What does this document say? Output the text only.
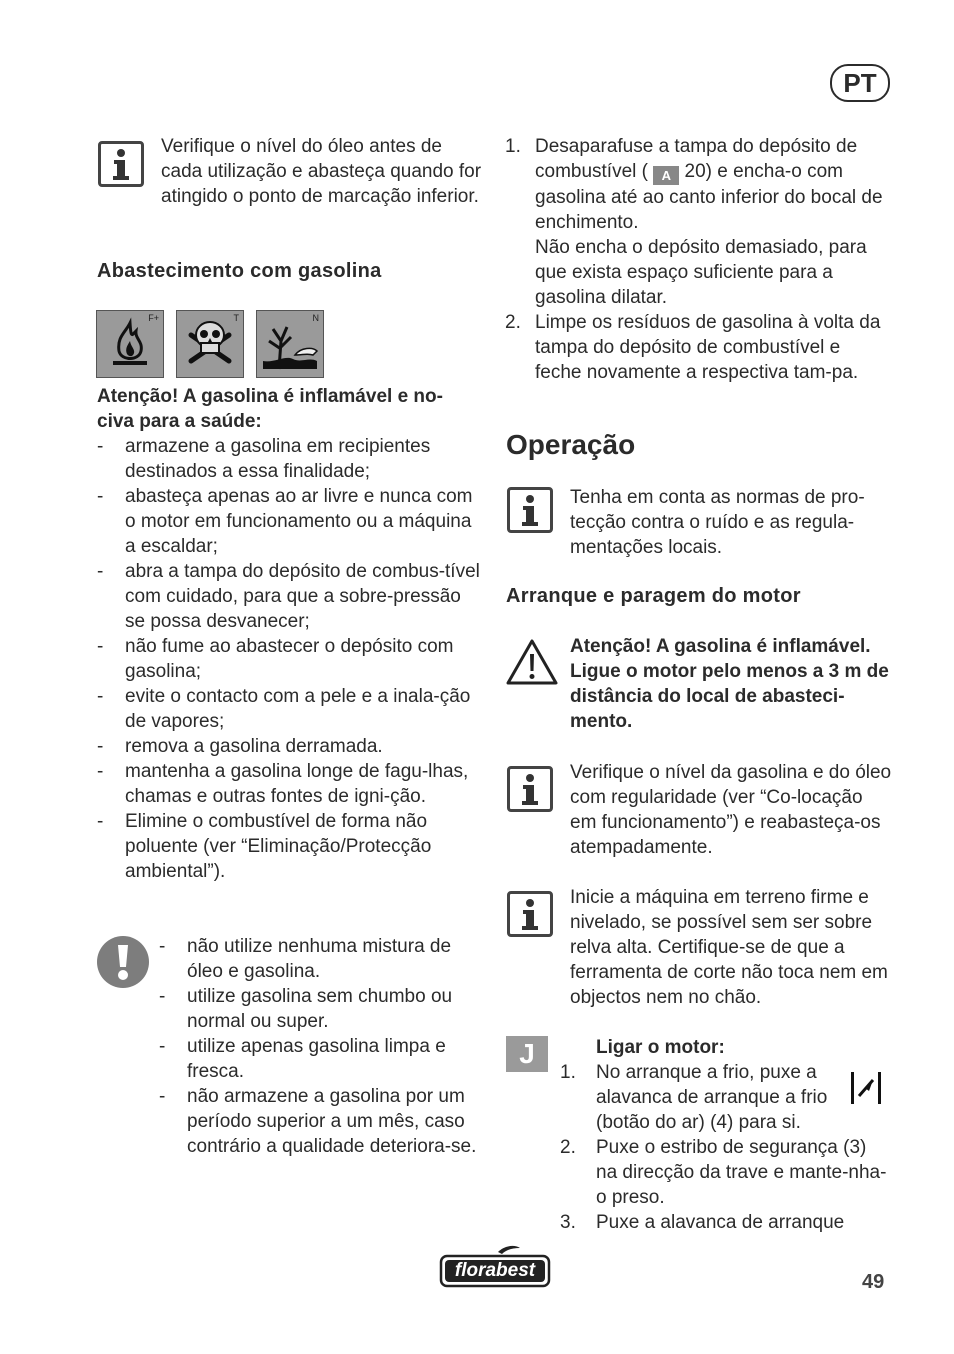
PT
Verifique o nível do óleo antes de cada utilização e abasteça quando for atingido o ponto de marcação inferior.
Abastecimento com gasolina
F+	T	N
Atenção! A gasolina é inflamável e no-civa para a saúde:
- armazene a gasolina em recipientes destinados a essa finalidade;
- abasteça apenas ao ar livre e nunca com o motor em funcionamento ou a máquina a escaldar;
- abra a tampa do depósito de combus-tível com cuidado, para que a sobre-pressão se possa desvanecer;
- não fume ao abastecer o depósito com gasolina;
- evite o contacto com a pele e a inala-ção de vapores;
- remova a gasolina derramada.
- mantenha a gasolina longe de fagu-lhas, chamas e outras fontes de igni-ção.
- Elimine o combustível de forma não poluente (ver “Eliminação/Protecção ambiental”).
- não utilize nenhuma mistura de óleo e gasolina.
- utilize gasolina sem chumbo ou normal ou super.
- utilize apenas gasolina limpa e fresca.
- não armazene a gasolina por um período superior a um mês, caso contrário a qualidade deteriora-se.
1. Desaparafuse a tampa do depósito de combustível ( A 20) e encha-o com gasolina até ao canto inferior do bocal de enchimento.
Não encha o depósito demasiado, para que exista espaço suficiente para a gasolina dilatar.
2. Limpe os resíduos de gasolina à volta da tampa do depósito de combustível e feche novamente a respectiva tam-pa.
Operação
Tenha em conta as normas de pro-tecção contra o ruído e as regula-mentações locais.
Arranque e paragem do motor
Atenção! A gasolina é inflamável. Ligue o motor pelo menos a 3 m de distância do local de abasteci-mento.
Verifique o nível da gasolina e do óleo com regularidade (ver “Co-locação em funcionamento”) e reabasteça-os atempadamente.
Inicie a máquina em terreno firme e nivelado, se possível sem ser sobre relva alta. Certifique-se de que a ferramenta de corte não toca nem em objectos nem no chão.
J	Ligar o motor:
1. No arranque a frio, puxe a alavanca de arranque a frio (botão do ar) (4) para si.
2. Puxe o estribo de segurança (3) na direcção da trave e mante-nha-o preso.
3. Puxe a alavanca de arranque
florabest
49
